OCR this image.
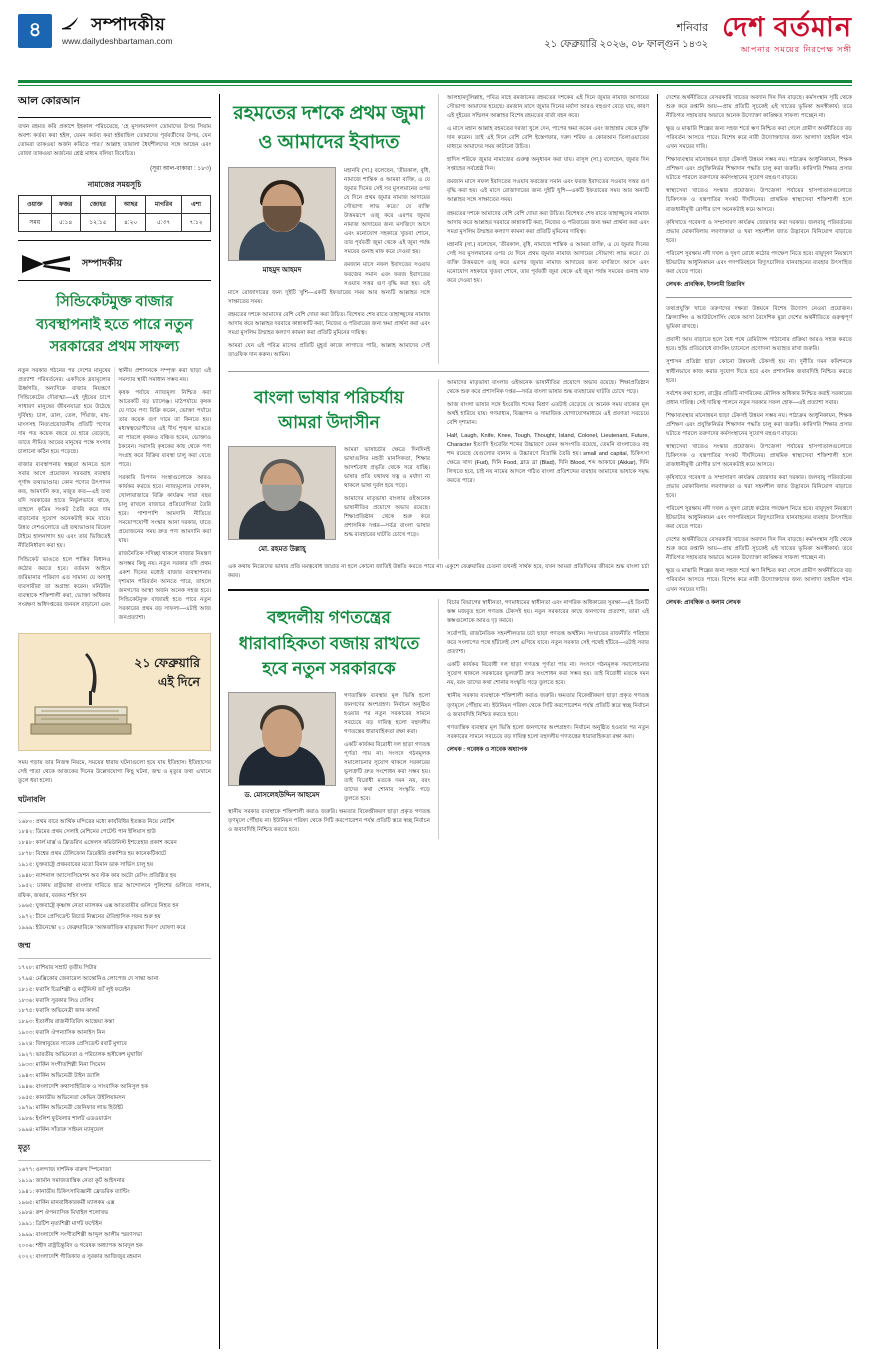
৪	সম্পাদকীয়
www.dailydeshbartaman.com
শনিবার
২১ ফেব্রুয়ারি ২০২৬, ০৮ ফাল্গুন ১৪৩২
দেশ বর্তমান
আপনার সময়ের নিরপেক্ষ সঙ্গী
আল কোরআন
তখন রহমত করি প্রকাশে ইহকাল পরিচয়েছে, ‘হে মুসলমানগণ তোমাদের উপর সিয়াম অবশ্য কর্তব্য করা হইল, যেমন কর্তব্য করা হইয়াছিল তোমাদের পূর্ববর্তীদের উপর, যেন তোমরা তাকওয়া অর্জন করিতে পার।’ আল্লাহ তায়ালা ধৈর্যশীলদের সঙ্গে আছেন এবং রোজা তাকওয়া অর্জনের শ্রেষ্ঠ মাধ্যম বলিয়া বিবেচিত।
(সূরা আল-বাকারা : ১৮৩)
নামাজের সময়সূচি
ওয়াক্ত	ফজর	জোহর	আছর	মাগরিব	এশা
সময়	৫:১৪	১২:১৫	৪:২০	৫:৩৭	৭:১২
সম্পাদকীয়
সিন্ডিকেটমুক্ত বাজার
ব্যবস্থাপনাই হতে পারে নতুন
সরকারের প্রথম সাফল্য

নতুন সরকার গঠনের পর দেশের মানুষের প্রত্যাশা পরিবর্তনের। একদিকে দ্রব্যমূল্যের ঊর্ধ্বগতি, অন্যদিকে বাজার নিয়ন্ত্রণে সিন্ডিকেটের দৌরাত্ম্য—এই দুইয়ের চাপে সাধারণ মানুষের জীবনযাত্রা হয়ে উঠেছে দুর্বিষহ। চাল, ডাল, তেল, পিঁয়াজ, মাছ-মাংসসহ নিত্যপ্রয়োজনীয় প্রতিটি পণ্যের দাম গত কয়েক বছরে যে হারে বেড়েছে, তাতে সীমিত আয়ের মানুষের পক্ষে সংসার চালানো কঠিন হয়ে পড়েছে।

বাজার ব্যবস্থাপনায় স্বচ্ছতা আনতে হলে সবার আগে প্রয়োজন সরবরাহ ব্যবস্থার পূর্ণাঙ্গ তথ্যভাণ্ডার। কোন পণ্যের উৎপাদন কত, আমদানি কত, মজুত কত—এই তথ্য যদি সরকারের হাতে নির্ভুলভাবে থাকে, তাহলে কৃত্রিম সংকট তৈরি করে দাম বাড়ানোর সুযোগ অনেকটাই কমে যাবে। উন্নত দেশগুলোতে এই তথ্যভাণ্ডার রিয়েল টাইমে হালনাগাদ হয় এবং তার ভিত্তিতেই নীতিনির্ধারণ করা হয়।

সিন্ডিকেট ভাঙতে হলে শাস্তির বিধানও কঠোর করতে হবে। বর্তমান আইনে জরিমানার পরিমাণ এত সামান্য যে অসাধু ব্যবসায়ীরা তা অগ্রাহ্য করেন। মনিটরিং ব্যবস্থাকে শক্তিশালী করা, ভোক্তা অধিকার সংরক্ষণ অধিদপ্তরের জনবল বাড়ানো এবং স্থানীয় প্রশাসনকে সম্পৃক্ত করা ছাড়া এই সমস্যার স্থায়ী সমাধান সম্ভব নয়।

কৃষক পর্যায়ে ন্যায্যমূল্য নিশ্চিত করা আরেকটি বড় চ্যালেঞ্জ। মাঠপর্যায়ে কৃষক যে দামে পণ্য বিক্রি করেন, ভোক্তা পর্যায়ে তার কয়েক গুণ দামে তা কিনতে হয়। মধ্যস্বত্বভোগীদের এই দীর্ঘ শৃঙ্খল ভাঙতে না পারলে কৃষকও বঞ্চিত হবেন, ভোক্তাও ঠকবেন। সরাসরি কৃষকের কাছ থেকে পণ্য সংগ্রহ করে বিক্রির ব্যবস্থা চালু করা যেতে পারে।

সরকারি বিপণন সংস্থাগুলোকে আরও কার্যকর করতে হবে। ন্যায্যমূল্যের দোকান, খোলাবাজারে বিক্রি কার্যক্রম সারা বছর চালু রাখলে বাজারে প্রতিযোগিতা তৈরি হবে। পাশাপাশি আমদানি নীতিতে সময়োপযোগী সংস্কার আনা দরকার, যাতে প্রয়োজনের সময় দ্রুত পণ্য আমদানি করা যায়।

রাজনৈতিক সদিচ্ছা থাকলে বাজার নিয়ন্ত্রণ অসম্ভব কিছু নয়। নতুন সরকার যদি প্রথম একশ দিনের মধ্যেই বাজার ব্যবস্থাপনায় দৃশ্যমান পরিবর্তন আনতে পারে, তাহলে জনগণের আস্থা অর্জন অনেক সহজ হবে। সিন্ডিকেটমুক্ত বাজারই হতে পারে নতুন সরকারের প্রথম বড় সাফল্য—এটাই আজ জনপ্রত্যাশা।

২১ ফেব্রুয়ারি
এই দিনে
সময় গড়ায় তার নিজস্ব নিয়মে, সময়ের ধারায় ঘটনাগুলো হয়ে যায় ইতিহাস। ইতিহাসের সেই পাতা থেকে আজকের দিনের উল্লেখযোগ্য কিছু ঘটনা, জন্ম ও মৃত্যুর তথ্য এখানে তুলে ধরা হলো।
ঘটনাবলি
১৬৮০: প্রথম বারে আর্থিক মন্দিরের মধ্যে কার্যবিধির ইতস্তত নিয়ে নোটিশ
১৮৪২: ডিমের প্রথম সেলাই মেশিনের পেটেন্ট পান ইলিয়াস হাউ
১৮৪৮: কার্ল মার্ক্স ও ফ্রিডরিখ এঙ্গেলস কমিউনিস্ট ইশতেহার প্রকাশ করেন
১৮৭৮: বিশ্বের প্রথম টেলিফোন ডিরেক্টরি প্রকাশিত হয় কানেকটিকাটে
১৯১৫: যুক্তরাষ্ট্রে প্রথমবারের মতো বিমান ডাক সার্ভিস চালু হয়
১৯৪৮: ন্যাশনাল অ্যাসোসিয়েশন অব স্টক কার অটো রেসিং প্রতিষ্ঠিত হয়
১৯৫২: ঢাকায় রাষ্ট্রভাষা বাংলার দাবিতে ছাত্র আন্দোলনে পুলিশের গুলিতে সালাম, রফিক, জব্বার, বরকত শহিদ হন
১৯৬৫: যুক্তরাষ্ট্রে কৃষ্ণাঙ্গ নেতা ম্যালকম এক্স আততায়ীর গুলিতে নিহত হন
১৯৭২: চীনে প্রেসিডেন্ট রিচার্ড নিক্সনের ঐতিহাসিক সফর শুরু হয়
১৯৯৯: ইউনেস্কো ২১ ফেব্রুয়ারিকে ‘আন্তর্জাতিক মাতৃভাষা দিবস’ ঘোষণা করে
জন্ম
১৭২৮: রাশিয়ার সম্রাট তৃতীয় পিটার
১৭৯৪: মেক্সিকোর জেনারেল আন্তোনিও লোপেজ দে সান্তা আনা
১৮১৫: ফরাসি চিত্রশিল্পী ও কার্টুনিস্ট জ্যঁ লুই ফরেইন
১৮৩৬: ফরাসি সুরকার লিও দেলিব
১৮৭৫: ফরাসি অভিনেত্রী জান কালমঁ
১৮৯৩: ইতালীয় রাজনীতিবিদ আন্দ্রেয়া কস্তা
১৯০৩: ফরাসি ঔপন্যাসিক আনাইস নিন
১৯২৪: জিম্বাবুয়ের সাবেক প্রেসিডেন্ট রবার্ট মুগাবে
১৯২৭: ভারতীয় অভিনেতা ও পরিচালক হৃষীকেশ মুখার্জি
১৯৩৩: মার্কিন সংগীতশিল্পী নিনা সিমোন
১৯৪৩: মার্কিন অভিনেত্রী টাইন ড্যালি
১৯৪৬: বাংলাদেশি কথাসাহিত্যিক ও সাংবাদিক আনিসুল হক
১৯৫৫: কানাডীয় অভিনেতা কেভিন উইলিয়ামসন
১৯৭৯: মার্কিন অভিনেত্রী জেনিফার লাভ হিউইট
১৯৮৬: ইংলিশ ফুটবলার শার্লট এডওয়ার্ডস
১৯৯৪: মার্কিন সাঁতারু সাইমন ম্যানুয়েল
মৃত্যু
১৬৭৭: ওলন্দাজ দার্শনিক বারুখ স্পিনোজা
১৯১৯: জার্মান সমাজতান্ত্রিক নেতা কুর্ট আইসনার
১৯৪১: কানাডীয় চিকিৎসাবিজ্ঞানী ফ্রেডরিক ব্যান্টিং
১৯৬৫: মার্কিন মানবাধিকারকর্মী ম্যালকম এক্স
১৯৮৪: রুশ ঔপন্যাসিক মিখাইল শলোখভ
১৯৯১: ব্রিটিশ নৃত্যশিল্পী মার্গট ফন্টেইন
১৯৯৯: বাংলাদেশি সংগীতশিল্পী আব্দুল আলীম স্মরণসভা
২০০৬: শহীদ রাষ্ট্রচিন্তুবিদ ও গবেষক অধ্যাপক আবদুল হক
২০২২: বাংলাদেশি গীতিকার ও সুরকার আজিজুর রহমান
রহমতের দশকে প্রথম জুমা
ও আমাদের ইবাদত
মাহমুদ আহমদ

মহানবি (সা.) বলেছেন, ‘তীরকাল, বুধি, নামাজে শান্তিক ও আমরা ব্যক্তি, এ যে জুমার দিনের সেই সব মুসলমানের ওপর যে দিনে প্রথম জুমার নামাজ আদায়ের সৌভাগ্য লাভ করে।’ যে ব্যক্তি উত্তমরূপে ওজু করে এরপর জুমার নামাজ আদায়ের জন্য মসজিদে আসে এবং মনোযোগ সহকারে খুতবা শোনে, তার পূর্ববর্তী জুমা থেকে এই জুমা পর্যন্ত সময়ের গুনাহ মাফ করে দেওয়া হয়।

রমজান মাসে নফল ইবাদতের সওয়াব ফরজের সমান এবং ফরজ ইবাদতের সওয়াব সত্তর গুণ বৃদ্ধি করা হয়। এই মাসে রোজাদারের জন্য দুইটি খুশি—একটি ইফতারের সময় আর অন্যটি আল্লাহর সঙ্গে সাক্ষাতের সময়।

রহমতের দশকে আমাদের বেশি বেশি দোয়া করা উচিত। বিশেষত শেষ রাতে তাহাজ্জুদের নামাজ আদায় করে আল্লাহর দরবারে কান্নাকাটি করা, নিজের ও পরিবারের জন্য ক্ষমা প্রার্থনা করা এবং সমগ্র মুসলিম উম্মাহর কল্যাণ কামনা করা প্রতিটি মুমিনের দায়িত্ব।

আমরা যেন এই পবিত্র মাসের প্রতিটি মুহূর্ত কাজে লাগাতে পারি, আল্লাহ আমাদের সেই তাওফিক দান করুন। আমিন।

আলহামদুলিল্লাহ, পবিত্র মাহে রমজানের রহমতের দশকের এই দিনে জুমার নামাজ আদায়ের সৌভাগ্য আমাদের হয়েছে। রমজান মাসে জুমার দিনের মর্যাদা আরও বহুগুণ বেড়ে যায়, কারণ এই দুইয়ের সম্মিলন আল্লাহর বিশেষ রহমতের বার্তা বহন করে।

এ মাসে মহান আল্লাহ রহমতের দরজা খুলে দেন, পাপের ক্ষমা করেন এবং জাহান্নাম থেকে মুক্তি দান করেন। তাই এই দিনে বেশি বেশি ইস্তেগফার, দরুদ শরিফ ও কোরআন তিলাওয়াতের মাধ্যমে আমাদের সময় কাটানো উচিত।

হাদিস শরিফে জুমার নামাজের গুরুত্ব অনুধাবন করা যায়। রাসুল (সা.) বলেছেন, জুমার দিন সপ্তাহের সর্বশ্রেষ্ঠ দিন।

রমজান মাসে নফল ইবাদতের সওয়াব ফরজের সমান এবং ফরজ ইবাদতের সওয়াব সত্তর গুণ বৃদ্ধি করা হয়। এই মাসে রোজাদারের জন্য দুইটি খুশি—একটি ইফতারের সময় আর অন্যটি আল্লাহর সঙ্গে সাক্ষাতের সময়।

রহমতের দশকে আমাদের বেশি বেশি দোয়া করা উচিত। বিশেষত শেষ রাতে তাহাজ্জুদের নামাজ আদায় করে আল্লাহর দরবারে কান্নাকাটি করা, নিজের ও পরিবারের জন্য ক্ষমা প্রার্থনা করা এবং সমগ্র মুসলিম উম্মাহর কল্যাণ কামনা করা প্রতিটি মুমিনের দায়িত্ব।

মহানবি (সা.) বলেছেন, ‘তীরকাল, বুধি, নামাজে শান্তিক ও আমরা ব্যক্তি, এ যে জুমার দিনের সেই সব মুসলমানের ওপর যে দিনে প্রথম জুমার নামাজ আদায়ের সৌভাগ্য লাভ করে।’ যে ব্যক্তি উত্তমরূপে ওজু করে এরপর জুমার নামাজ আদায়ের জন্য মসজিদে আসে এবং মনোযোগ সহকারে খুতবা শোনে, তার পূর্ববর্তী জুমা থেকে এই জুমা পর্যন্ত সময়ের গুনাহ মাফ করে দেওয়া হয়।

বাংলা ভাষার পরিচর্যায়
আমরা উদাসীন
মো. রহমত উল্লাহ্

আমরা ভাষাচর্চার ক্ষেত্রে দিনদিনই ভাষাগুলির মহতী মানসিকতা, শিক্ষার আদর্শবোধ প্রভৃতি থেকে সরে যাচ্ছি। ভাষার প্রতি যথাযথ যত্ন ও মর্যাদা না থাকলে ভাষা দুর্বল হয়ে পড়ে।

আমাদের মাতৃভাষা বাংলার ওইঅনেক ভাষানীতির প্রয়োগে অভাব রয়েছে। শিক্ষাপ্রতিষ্ঠান থেকে শুরু করে প্রশাসনিক দপ্তর—সর্বত্র বাংলা ভাষার শুদ্ধ ব্যবহারের ঘাটতি চোখে পড়ে।

আমাদের মাতৃভাষা বাংলার ওইঅনেক ভাষানীতির প্রয়োগে অভাব রয়েছে। শিক্ষাপ্রতিষ্ঠান থেকে শুরু করে প্রশাসনিক দপ্তর—সর্বত্র বাংলা ভাষার শুদ্ধ ব্যবহারের ঘাটতি চোখে পড়ে।

আজ বাংলা ভাষার সঙ্গে ইংরেজি শব্দের মিশ্রণ এতটাই বেড়েছে যে অনেক সময় বাক্যের মূল অর্থই হারিয়ে যায়। গণমাধ্যম, বিজ্ঞাপন ও সামাজিক যোগাযোগমাধ্যমে এই প্রবণতা সবচেয়ে বেশি দৃশ্যমান।

Half, Laugh, Knife, Knee, Tough, Thought, Island, Colonel, Lieutenant, Future, Character ইত্যাদি ইংরেজি শব্দের উচ্চারণে যেমন অসংগতি রয়েছে, তেমনি বাংলাতেও বহু শব্দ রয়েছে যেগুলোর বানান ও উচ্চারণে বিভ্রান্তি তৈরি হয়। small and capital, চিকিৎসা ক্ষেত্রে খাদ্য (Fud), দিনি Food, ব্লাড ব্রা (Blad), দিনি Blood, শব্দ আকারে (Akkar), দিনি লিখতে হবে, চাই নয় নামের আদলে গঠিত বাংলা প্রতিশব্দের ব্যবহার আমাদের ভাষাকে সমৃদ্ধ করতে পারে।

এক কথায় নিজেদের ভাষার প্রতি মমত্ববোধ জাগ্রত না হলে কোনো জাতিই উন্নতি করতে পারে না। একুশে ফেব্রুয়ারির চেতনা তখনই সার্থক হবে, যখন আমরা প্রতিদিনের জীবনে শুদ্ধ বাংলা চর্চা করব।
বহুদলীয় গণতন্ত্রের
ধারাবাহিকতা বজায় রাখতে
হবে নতুন সরকারকে
ড. মোসলেহউদ্দিন আহমেদ

গণতান্ত্রিক ব্যবস্থার মূল ভিত্তি হলো জনগণের অংশগ্রহণ। নির্বাচন অনুষ্ঠিত হওয়ার পর নতুন সরকারের সামনে সবচেয়ে বড় দায়িত্ব হলো বহুদলীয় গণতন্ত্রের ধারাবাহিকতা রক্ষা করা।

একটি কার্যকর বিরোধী দল ছাড়া গণতন্ত্র পূর্ণতা পায় না। সংসদে গঠনমূলক সমালোচনার সুযোগ থাকলে সরকারের ভুলত্রুটি দ্রুত সংশোধন করা সম্ভব হয়। তাই বিরোধী মতকে দমন নয়, বরং তাদের কথা শোনার সংস্কৃতি গড়ে তুলতে হবে।

স্থানীয় সরকার ব্যবস্থাকে শক্তিশালী করাও জরুরি। ক্ষমতার বিকেন্দ্রীকরণ ছাড়া প্রকৃত গণতন্ত্র তৃণমূলে পৌঁছায় না। ইউনিয়ন পরিষদ থেকে সিটি করপোরেশন পর্যন্ত প্রতিটি স্তরে স্বচ্ছ নির্বাচন ও জবাবদিহি নিশ্চিত করতে হবে।

বিচার বিভাগের স্বাধীনতা, গণমাধ্যমের স্বাধীনতা এবং নাগরিক অধিকারের সুরক্ষা—এই তিনটি স্তম্ভ মজবুত হলে গণতন্ত্র টেকসই হয়। নতুন সরকারের কাছে জনগণের প্রত্যাশা, তারা এই স্তম্ভগুলোকে আরও দৃঢ় করবে।

সর্বোপরি, রাজনৈতিক সহনশীলতার চর্চা ছাড়া গণতন্ত্র অর্থহীন। সংঘাতের রাজনীতি পরিহার করে সংলাপের পথে হাঁটলেই দেশ এগিয়ে যাবে। নতুন সরকার সেই পথেই হাঁটবে—এটাই সবার প্রত্যাশা।

একটি কার্যকর বিরোধী দল ছাড়া গণতন্ত্র পূর্ণতা পায় না। সংসদে গঠনমূলক সমালোচনার সুযোগ থাকলে সরকারের ভুলত্রুটি দ্রুত সংশোধন করা সম্ভব হয়। তাই বিরোধী মতকে দমন নয়, বরং তাদের কথা শোনার সংস্কৃতি গড়ে তুলতে হবে।

স্থানীয় সরকার ব্যবস্থাকে শক্তিশালী করাও জরুরি। ক্ষমতার বিকেন্দ্রীকরণ ছাড়া প্রকৃত গণতন্ত্র তৃণমূলে পৌঁছায় না। ইউনিয়ন পরিষদ থেকে সিটি করপোরেশন পর্যন্ত প্রতিটি স্তরে স্বচ্ছ নির্বাচন ও জবাবদিহি নিশ্চিত করতে হবে।

গণতান্ত্রিক ব্যবস্থার মূল ভিত্তি হলো জনগণের অংশগ্রহণ। নির্বাচন অনুষ্ঠিত হওয়ার পর নতুন সরকারের সামনে সবচেয়ে বড় দায়িত্ব হলো বহুদলীয় গণতন্ত্রের ধারাবাহিকতা রক্ষা করা।

লেখক : গবেষক ও সাবেক অধ্যাপক

দেশের অর্থনীতিতে বেসরকারি খাতের অবদান দিন দিন বাড়ছে। কর্মসংস্থান সৃষ্টি থেকে শুরু করে রপ্তানি আয়—প্রায় প্রতিটি সূচকেই এই খাতের ভূমিকা অনস্বীকার্য। তবে নীতিগত সহায়তার অভাবে অনেক উদ্যোক্তা কাঙ্ক্ষিত সাফল্য পাচ্ছেন না।

ক্ষুদ্র ও মাঝারি শিল্পের জন্য সহজ শর্তে ঋণ নিশ্চিত করা গেলে গ্রামীণ অর্থনীতিতে বড় পরিবর্তন আসতে পারে। বিশেষ করে নারী উদ্যোক্তাদের জন্য আলাদা তহবিল গঠন এখন সময়ের দাবি।

শিক্ষাব্যবস্থার মানোন্নয়ন ছাড়া টেকসই উন্নয়ন সম্ভব নয়। পাঠ্যক্রম আধুনিকায়ন, শিক্ষক প্রশিক্ষণ এবং প্রযুক্তিনির্ভর শিক্ষাদান পদ্ধতি চালু করা জরুরি। কারিগরি শিক্ষার প্রসার ঘটাতে পারলে তরুণদের কর্মসংস্থানের সুযোগ বহুগুণ বাড়বে।

স্বাস্থ্যসেবা খাতেও সংস্কার প্রয়োজন। উপজেলা পর্যায়ের হাসপাতালগুলোতে চিকিৎসক ও যন্ত্রপাতির সংকট দীর্ঘদিনের। প্রাথমিক স্বাস্থ্যসেবা শক্তিশালী হলে রাজধানীমুখী রোগীর চাপ অনেকটাই কমে আসবে।

কৃষিখাতে গবেষণা ও সম্প্রসারণ কার্যক্রম জোরদার করা দরকার। জলবায়ু পরিবর্তনের প্রভাব মোকাবিলায় লবণাক্ততা ও খরা সহনশীল জাত উদ্ভাবনে বিনিয়োগ বাড়াতে হবে।

পরিবেশ সুরক্ষায় নদী দখল ও দূষণ রোধে কঠোর পদক্ষেপ নিতে হবে। বায়ুদূষণ নিয়ন্ত্রণে ইটভাটার আধুনিকায়ন এবং গণপরিবহনে বিদ্যুৎচালিত যানবাহনের ব্যবহার উৎসাহিত করা যেতে পারে।

লেখক: প্রাবন্ধিক, ইসলামী চিন্তাবিদ

তথ্যপ্রযুক্তি খাতে তরুণদের দক্ষতা উন্নয়নে বিশেষ উদ্যোগ নেওয়া প্রয়োজন। ফ্রিল্যান্সিং ও আউটসোর্সিং থেকে আসা বৈদেশিক মুদ্রা দেশের অর্থনীতিতে গুরুত্বপূর্ণ ভূমিকা রাখছে।

প্রবাসী আয় বাড়াতে হলে বৈধ পথে রেমিট্যান্স পাঠানোর প্রক্রিয়া আরও সহজ করতে হবে। হুন্ডি প্রতিরোধে ব্যাংকিং চ্যানেলে প্রণোদনা অব্যাহত রাখা জরুরি।

সুশাসন প্রতিষ্ঠা ছাড়া কোনো উন্নয়নই টেকসই হয় না। দুর্নীতি দমন কমিশনকে স্বাধীনভাবে কাজ করার সুযোগ দিতে হবে এবং প্রশাসনিক জবাবদিহি নিশ্চিত করতে হবে।

সর্বশেষ কথা হলো, রাষ্ট্রের প্রতিটি নাগরিকের মৌলিক অধিকার নিশ্চিত করাই সরকারের প্রধান দায়িত্ব। সেই দায়িত্ব পালনে নতুন সরকার সফল হোক—এই প্রত্যাশা সবার।

শিক্ষাব্যবস্থার মানোন্নয়ন ছাড়া টেকসই উন্নয়ন সম্ভব নয়। পাঠ্যক্রম আধুনিকায়ন, শিক্ষক প্রশিক্ষণ এবং প্রযুক্তিনির্ভর শিক্ষাদান পদ্ধতি চালু করা জরুরি। কারিগরি শিক্ষার প্রসার ঘটাতে পারলে তরুণদের কর্মসংস্থানের সুযোগ বহুগুণ বাড়বে।

স্বাস্থ্যসেবা খাতেও সংস্কার প্রয়োজন। উপজেলা পর্যায়ের হাসপাতালগুলোতে চিকিৎসক ও যন্ত্রপাতির সংকট দীর্ঘদিনের। প্রাথমিক স্বাস্থ্যসেবা শক্তিশালী হলে রাজধানীমুখী রোগীর চাপ অনেকটাই কমে আসবে।

কৃষিখাতে গবেষণা ও সম্প্রসারণ কার্যক্রম জোরদার করা দরকার। জলবায়ু পরিবর্তনের প্রভাব মোকাবিলায় লবণাক্ততা ও খরা সহনশীল জাত উদ্ভাবনে বিনিয়োগ বাড়াতে হবে।

পরিবেশ সুরক্ষায় নদী দখল ও দূষণ রোধে কঠোর পদক্ষেপ নিতে হবে। বায়ুদূষণ নিয়ন্ত্রণে ইটভাটার আধুনিকায়ন এবং গণপরিবহনে বিদ্যুৎচালিত যানবাহনের ব্যবহার উৎসাহিত করা যেতে পারে।

দেশের অর্থনীতিতে বেসরকারি খাতের অবদান দিন দিন বাড়ছে। কর্মসংস্থান সৃষ্টি থেকে শুরু করে রপ্তানি আয়—প্রায় প্রতিটি সূচকেই এই খাতের ভূমিকা অনস্বীকার্য। তবে নীতিগত সহায়তার অভাবে অনেক উদ্যোক্তা কাঙ্ক্ষিত সাফল্য পাচ্ছেন না।

ক্ষুদ্র ও মাঝারি শিল্পের জন্য সহজ শর্তে ঋণ নিশ্চিত করা গেলে গ্রামীণ অর্থনীতিতে বড় পরিবর্তন আসতে পারে। বিশেষ করে নারী উদ্যোক্তাদের জন্য আলাদা তহবিল গঠন এখন সময়ের দাবি।

লেখক: প্রাবন্ধিক ও কলাম লেখক
